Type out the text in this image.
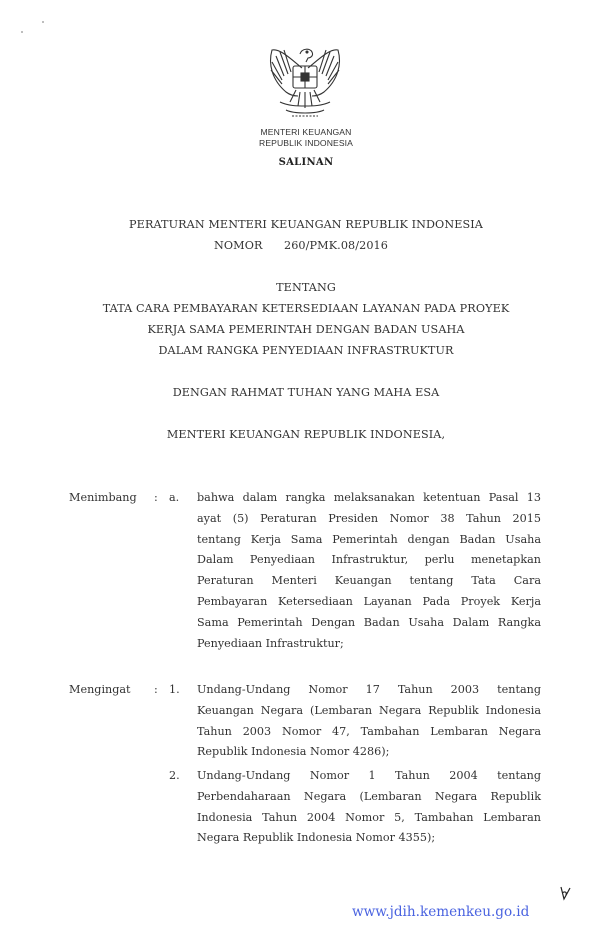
MENTERI KEUANGAN
REPUBLIK INDONESIA
SALINAN
PERATURAN MENTERI KEUANGAN REPUBLIK INDONESIA
NOMOR 260/PMK.08/2016
TENTANG
TATA CARA PEMBAYARAN KETERSEDIAAN LAYANAN PADA PROYEK
KERJA SAMA PEMERINTAH DENGAN BADAN USAHA
DALAM RANGKA PENYEDIAAN INFRASTRUKTUR
DENGAN RAHMAT TUHAN YANG MAHA ESA
MENTERI KEUANGAN REPUBLIK INDONESIA,
Menimbang : a. bahwa dalam rangka melaksanakan ketentuan Pasal 13
ayat (5) Peraturan Presiden Nomor 38 Tahun 2015
tentang Kerja Sama Pemerintah dengan Badan Usaha
Dalam Penyediaan Infrastruktur, perlu menetapkan
Peraturan Menteri Keuangan tentang Tata Cara
Pembayaran Ketersediaan Layanan Pada Proyek Kerja
Sama Pemerintah Dengan Badan Usaha Dalam Rangka
Penyediaan Infrastruktur;
Mengingat : 1. Undang-Undang Nomor 17 Tahun 2003 tentang
Keuangan Negara (Lembaran Negara Republik Indonesia
Tahun 2003 Nomor 47, Tambahan Lembaran Negara
Republik Indonesia Nomor 4286);
2. Undang-Undang Nomor 1 Tahun 2004 tentang
Perbendaharaan Negara (Lembaran Negara Republik
Indonesia Tahun 2004 Nomor 5, Tambahan Lembaran
Negara Republik Indonesia Nomor 4355);
www.jdih.kemenkeu.go.id
